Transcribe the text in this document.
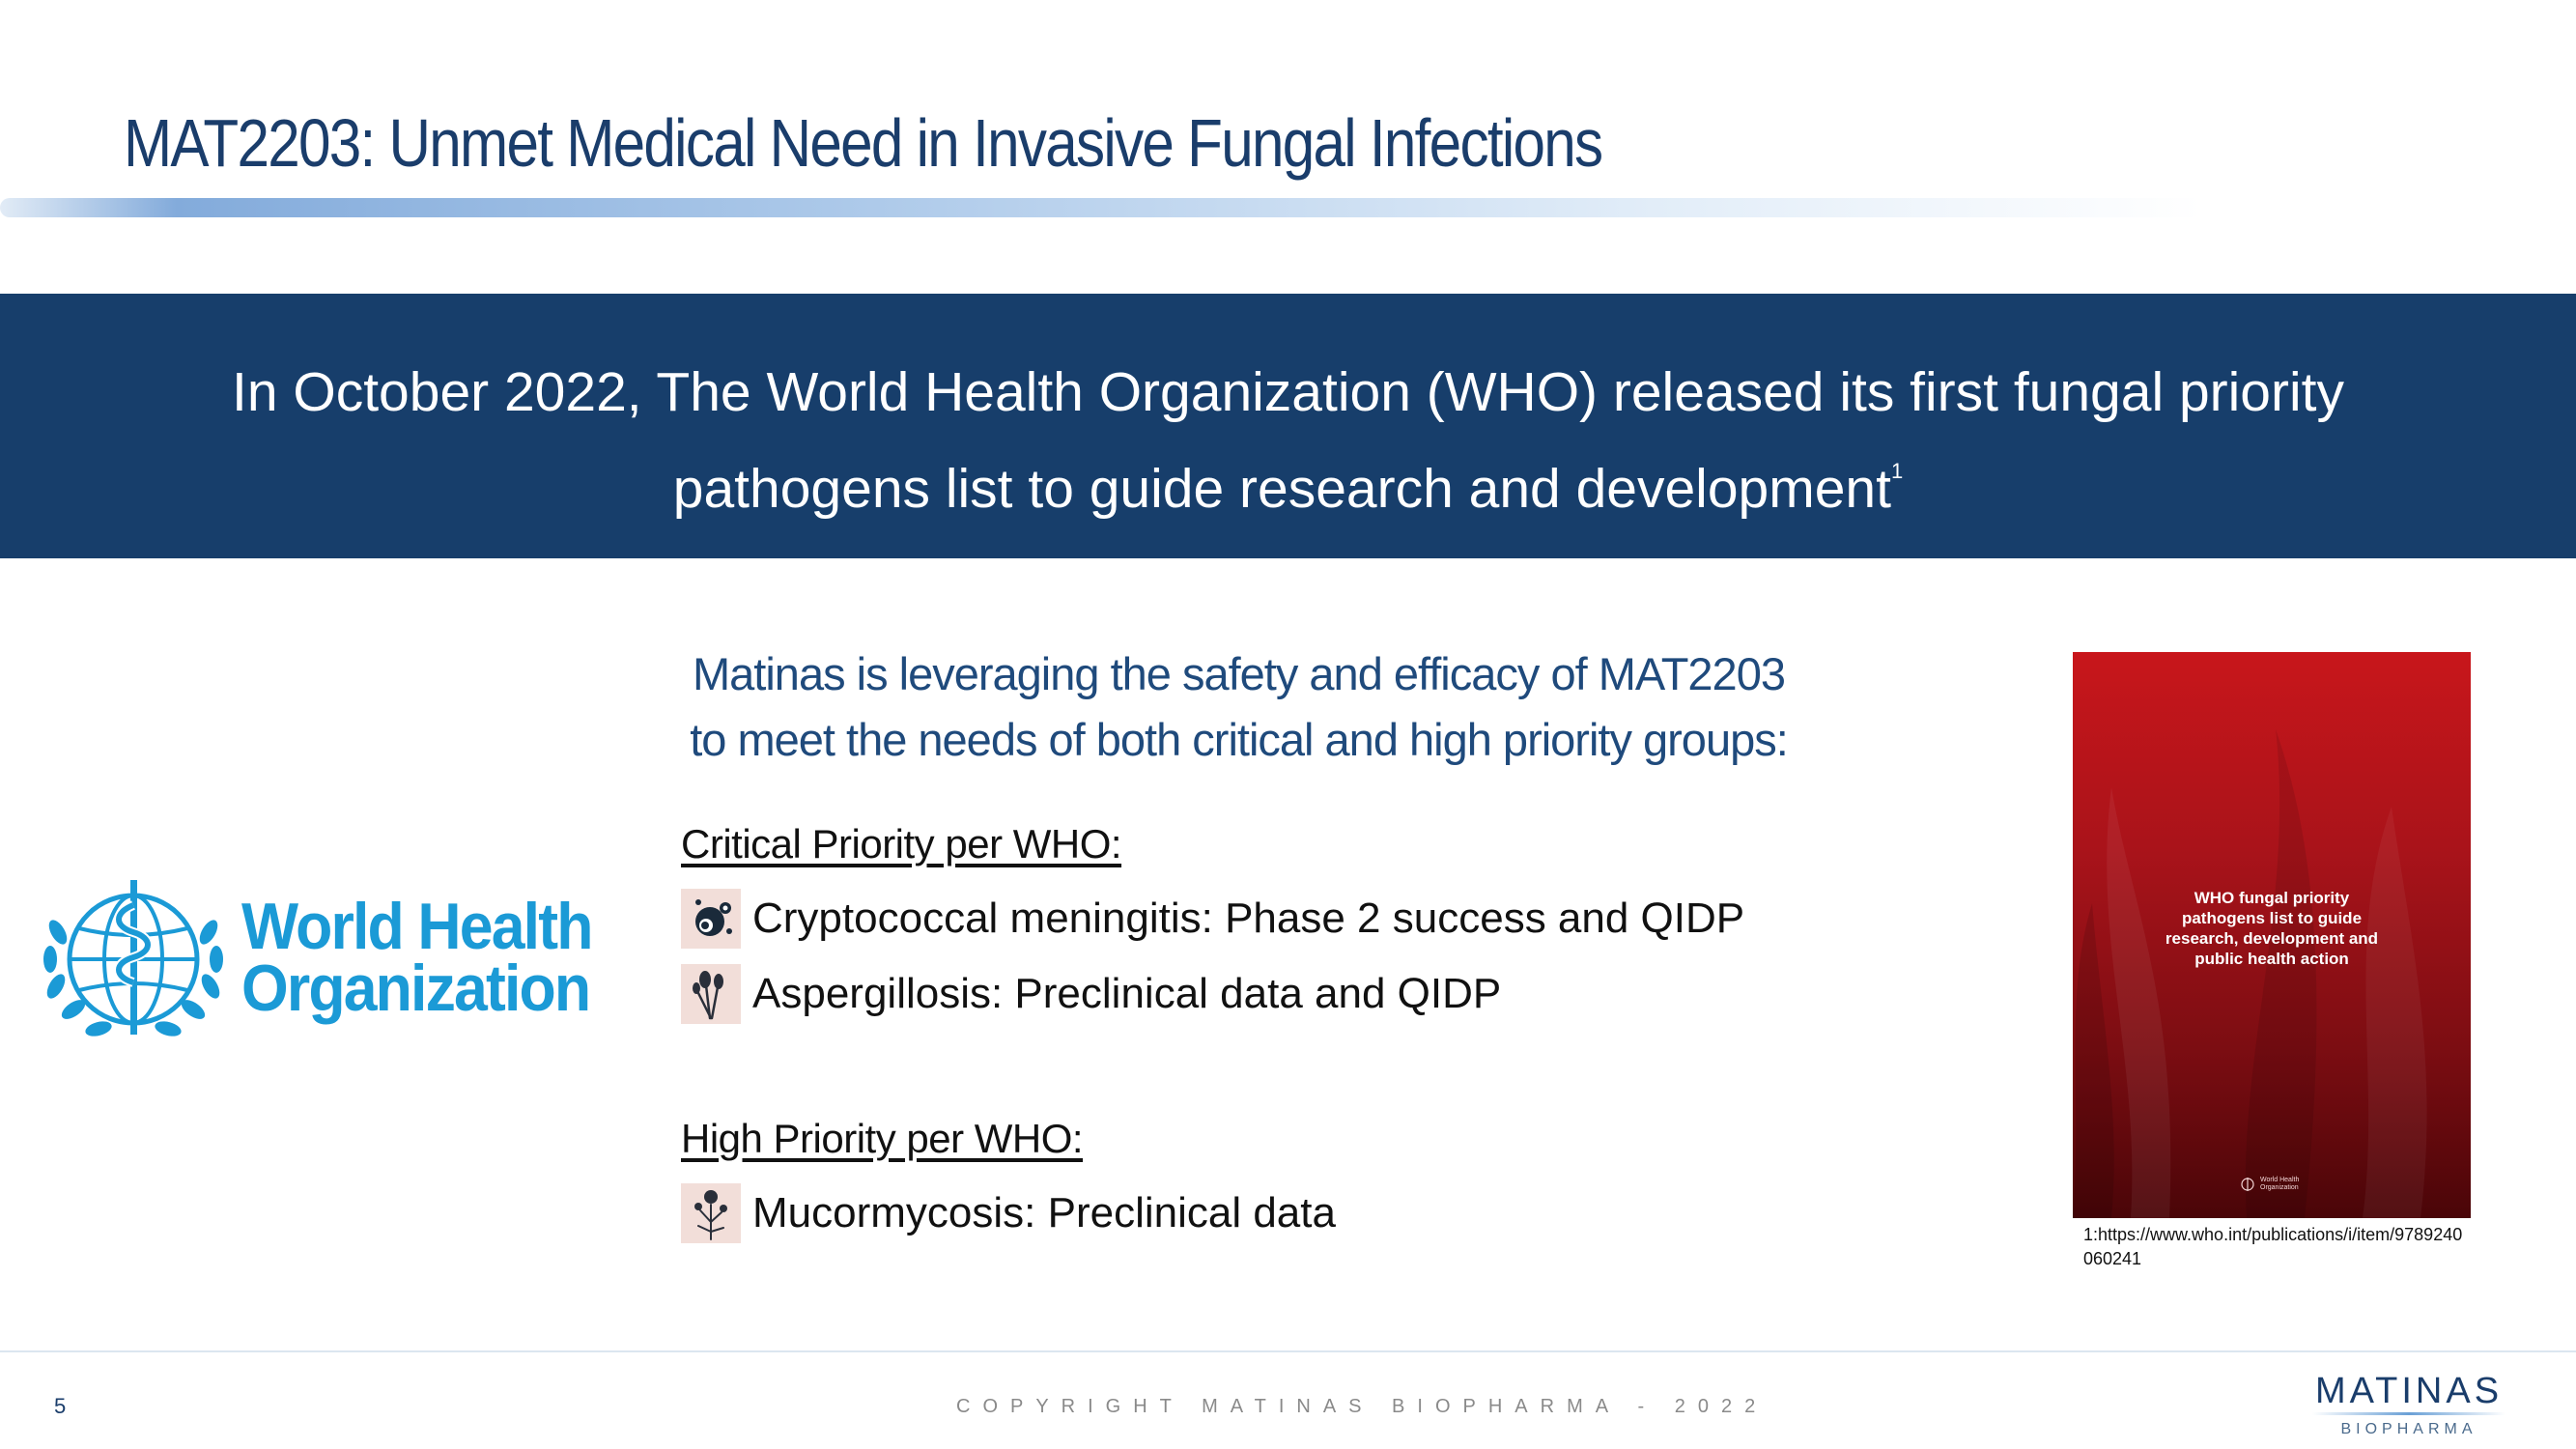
MAT2203: Unmet Medical Need in Invasive Fungal Infections
In October 2022, The World Health Organization (WHO) released its first fungal priority
pathogens list to guide research and development$^1$
Matinas is leveraging the safety and efficacy of MAT2203
to meet the needs of both critical and high priority groups:
Critical Priority per WHO:
Cryptococcal meningitis: Phase 2 success and QIDP
Aspergillosis: Preclinical data and QIDP
High Priority per WHO:
Mucormycosis: Preclinical data
World Health
Organization
WHO fungal priority
pathogens list to guide
research, development and
public health action
World Health
Organization
1:https://www.who.int/publications/i/item/9789240060241
5	COPYRIGHT MATINAS BIOPHARMA - 2022	MATINAS
BIOPHARMA
